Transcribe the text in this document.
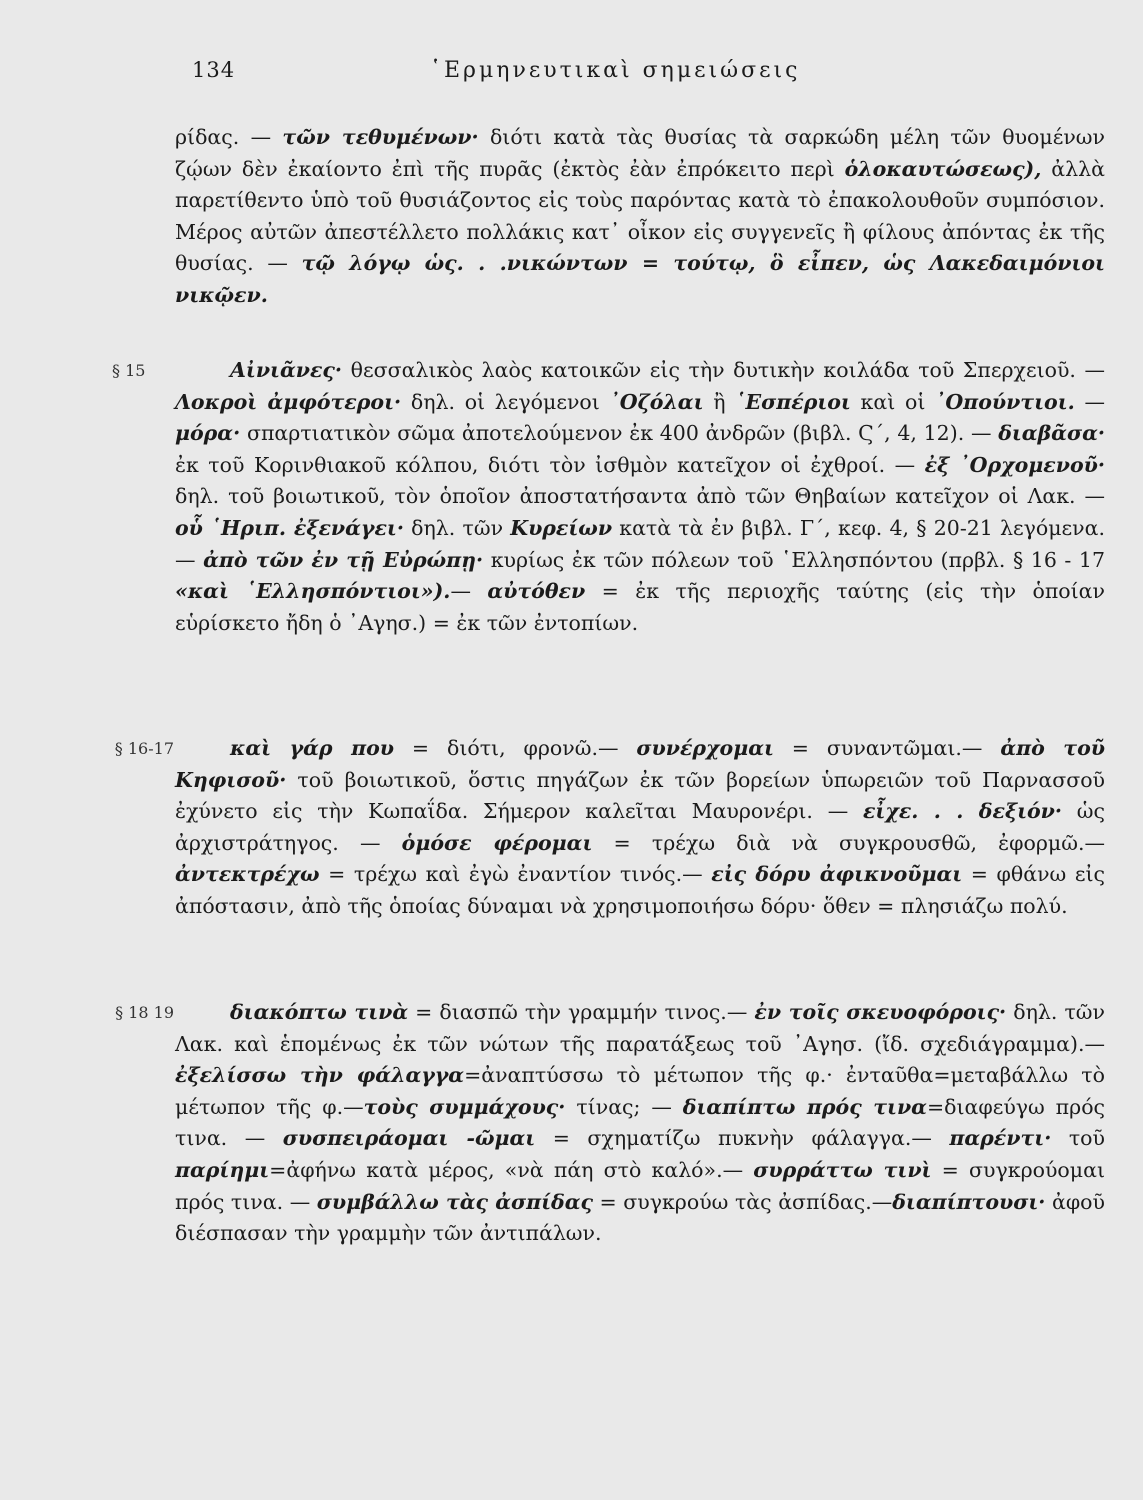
134	῾Ερμηνευτικαὶ σημειώσεις
ρίδας. — τῶν τεθυμένων· διότι κατὰ τὰς θυσίας τὰ σαρκώδη μέλη τῶν θυομένων ζῴων δὲν ἐκαίοντο ἐπὶ τῆς πυρᾶς (ἐκτὸς ἐὰν ἐπρόκειτο περὶ ὁλοκαυτώσεως), ἀλλὰ παρετίθεντο ὑπὸ τοῦ θυσιάζοντος εἰς τοὺς παρόντας κατὰ τὸ ἐπακολουθοῦν συμπόσιον. Μέρος αὐτῶν ἀπεστέλλετο πολλάκις κατ᾽ οἶκον εἰς συγγενεῖς ἢ φίλους ἀπόντας ἐκ τῆς θυσίας. — τῷ λόγῳ ὡς. . .νικώντων = τούτῳ, ὃ εἶπεν, ὡς Λακεδαιμόνιοι νικῷεν.
§ 15	Αἰνιᾶνες· θεσσαλικὸς λαὸς κατοικῶν εἰς τὴν δυτικὴν κοιλάδα τοῦ Σπερχειοῦ. — Λοκροὶ ἀμφότεροι· δηλ. οἱ λεγόμενοι ᾽Οζόλαι ἢ ῾Εσπέριοι καὶ οἱ ᾽Οπούντιοι. — μόρα· σπαρτιατικὸν σῶμα ἀποτελούμενον ἐκ 400 ἀνδρῶν (βιβλ. Ϛ΄, 4, 12). — διαβᾶσα· ἐκ τοῦ Κορινθιακοῦ κόλπου, διότι τὸν ἰσθμὸν κατεῖχον οἱ ἐχθροί. — ἐξ ᾽Ορχομενοῦ· δηλ. τοῦ βοιωτικοῦ, τὸν ὁποῖον ἀποστατήσαντα ἀπὸ τῶν Θηβαίων κατεῖχον οἱ Λακ. — οὗ ῾Ηριπ. ἐξενάγει· δηλ. τῶν Κυρείων κατὰ τὰ ἐν βιβλ. Γ΄, κεφ. 4, § 20-21 λεγόμενα. — ἀπὸ τῶν ἐν τῇ Εὐρώπῃ· κυρίως ἐκ τῶν πόλεων τοῦ ῾Ελλησπόντου (πρβλ. § 16 - 17 «καὶ ῾Ελλησπόντιοι»).— αὐτόθεν = ἐκ τῆς περιοχῆς ταύτης (εἰς τὴν ὁποίαν εὑρίσκετο ἤδη ὁ ᾽Αγησ.) = ἐκ τῶν ἐντοπίων.
§ 16-17	καὶ γάρ που = διότι, φρονῶ.— συνέρχομαι = συναντῶμαι.— ἀπὸ τοῦ Κηφισοῦ· τοῦ βοιωτικοῦ, ὅστις πηγάζων ἐκ τῶν βορείων ὑπωρειῶν τοῦ Παρνασσοῦ ἐχύνετο εἰς τὴν Κωπαΐδα. Σήμερον καλεῖται Μαυρονέρι. — εἶχε. . . δεξιόν· ὡς ἀρχιστράτηγος. — ὁμόσε φέρομαι = τρέχω διὰ νὰ συγκρουσθῶ, ἐφορμῶ.— ἀντεκτρέχω = τρέχω καὶ ἐγὼ ἐναντίον τινός.— εἰς δόρυ ἀφικνοῦμαι = φθάνω εἰς ἀπόστασιν, ἀπὸ τῆς ὁποίας δύναμαι νὰ χρησιμοποιήσω δόρυ· ὅθεν = πλησιάζω πολύ.
§ 18 19	διακόπτω τινὰ = διασπῶ τὴν γραμμήν τινος.— ἐν τοῖς σκευοφόροις· δηλ. τῶν Λακ. καὶ ἑπομένως ἐκ τῶν νώτων τῆς παρατάξεως τοῦ ᾽Αγησ. (ἴδ. σχεδιάγραμμα).—ἐξελίσσω τὴν φάλαγγα=ἀναπτύσσω τὸ μέτωπον τῆς φ.· ἐνταῦθα=μεταβάλλω τὸ μέτωπον τῆς φ.—τοὺς συμμάχους· τίνας; — διαπίπτω πρός τινα=διαφεύγω πρός τινα. — συσπειράομαι -ῶμαι = σχηματίζω πυκνὴν φάλαγγα.— παρέντι· τοῦ παρίημι=ἀφήνω κατὰ μέρος, «νὰ πάη στὸ καλό».— συρράττω τινὶ = συγκρούομαι πρός τινα. — συμβάλλω τὰς ἀσπίδας = συγκρούω τὰς ἀσπίδας.—διαπίπτουσι· ἀφοῦ διέσπασαν τὴν γραμμὴν τῶν ἀντιπάλων.
